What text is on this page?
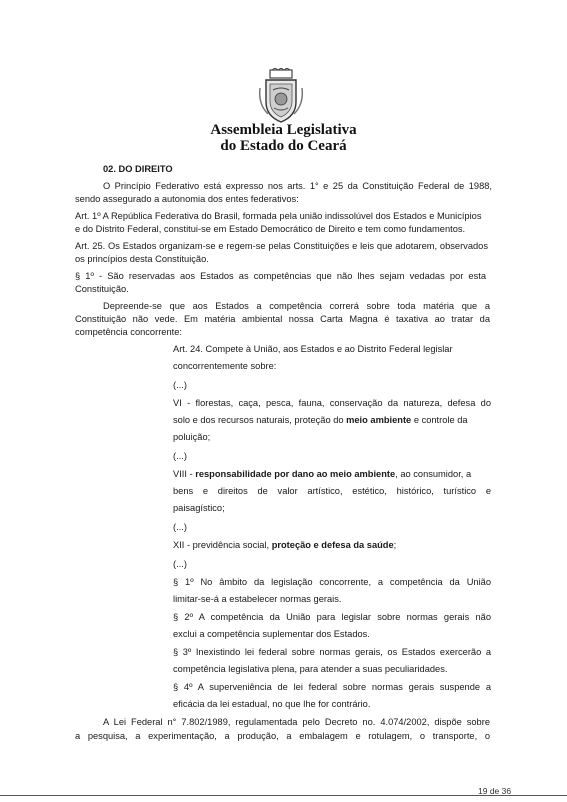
Assembleia Legislativa
do Estado do Ceará
02. DO DIREITO
O Princípio Federativo está expresso nos arts. 1° e 25 da Constituição Federal de 1988,
sendo assegurado a autonomia dos entes federativos:
Art. 1º A República Federativa do Brasil, formada pela união indissolúvel dos Estados e Municípios
e do Distrito Federal, constitui-se em Estado Democrático de Direito e tem como fundamentos.
Art. 25. Os Estados organizam-se e regem-se pelas Constituições e leis que adotarem, observados
os princípios desta Constituição.
§ 1º - São reservadas aos Estados as competências que não lhes sejam vedadas por esta
Constituição.
Depreende-se que aos Estados a competência correrá sobre toda matéria que a
Constituição não vede. Em matéria ambiental nossa Carta Magna é taxativa ao tratar da
competência concorrente:
Art. 24. Compete à União, aos Estados e ao Distrito Federal legislar
concorrentemente sobre:
(...)
VI - florestas, caça, pesca, fauna, conservação da natureza, defesa do
solo e dos recursos naturais, proteção do meio ambiente e controle da
poluição;
(...)
VIII - responsabilidade por dano ao meio ambiente, ao consumidor, a
bens e direitos de valor artístico, estético, histórico, turístico e
paisagístico;
(...)
XII - previdência social, proteção e defesa da saúde;
(...)
§ 1º No âmbito da legislação concorrente, a competência da União
limitar-se-á a estabelecer normas gerais.
§ 2º A competência da União para legislar sobre normas gerais não
exclui a competência suplementar dos Estados.
§ 3º Inexistindo lei federal sobre normas gerais, os Estados exercerão a
competência legislativa plena, para atender a suas peculiaridades.
§ 4º A superveniência de lei federal sobre normas gerais suspende a
eficácia da lei estadual, no que lhe for contrário.
A Lei Federal n° 7.802/1989, regulamentada pelo Decreto no. 4.074/2002, dispõe sobre
a pesquisa, a experimentação, a produção, a embalagem e rotulagem, o transporte, o
19 de 36
